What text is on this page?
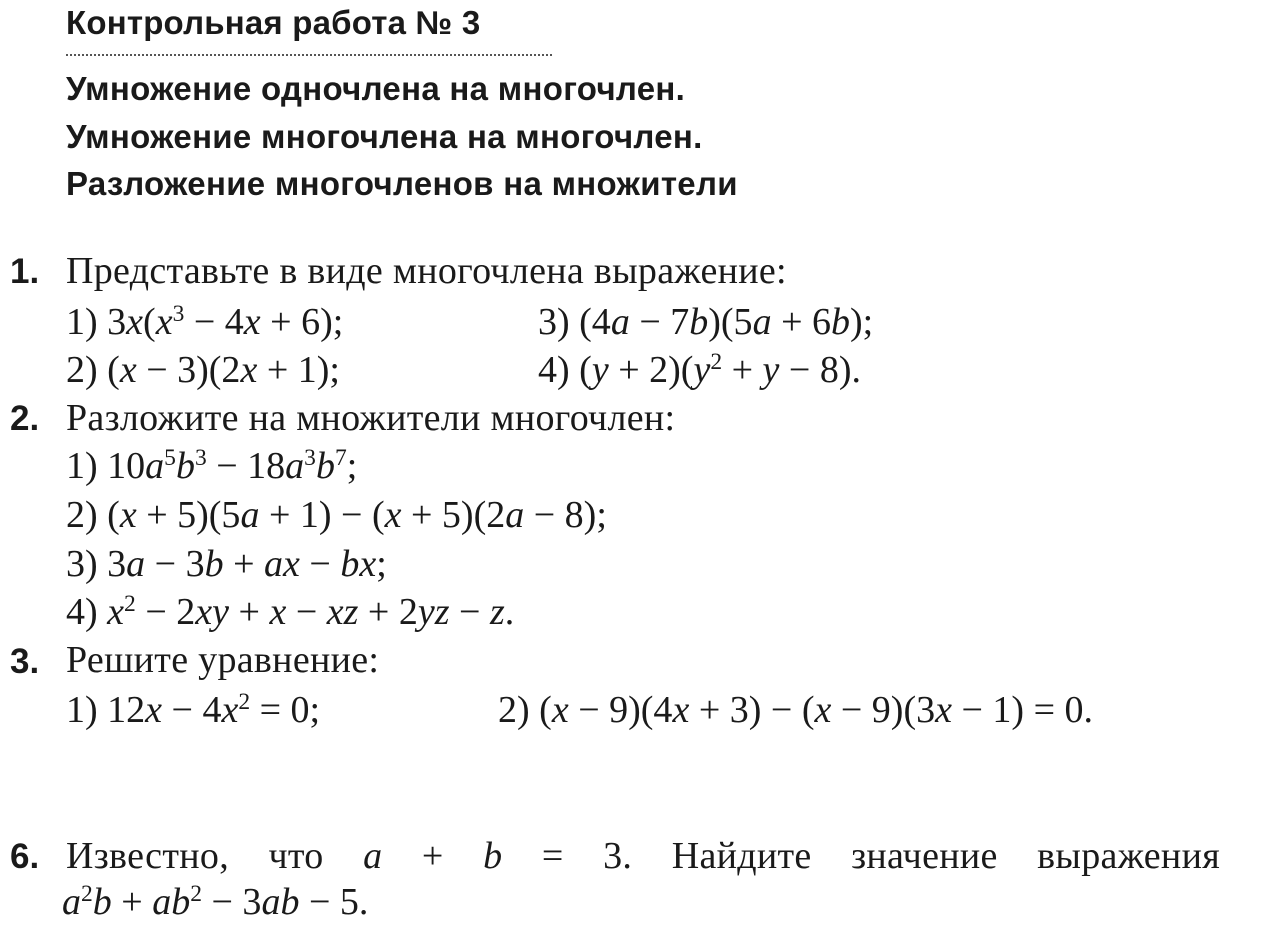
Контрольная работа № 3
Умножение одночлена на многочлен.
Умножение многочлена на многочлен.
Разложение многочленов на множители
1. Представьте в виде многочлена выражение:
1) $3x(x^3 - 4x + 6)$;	3) (4a − 7b)(5a + 6b);
2) (x − 3)(2x + 1);	4) $(y + 2)(y^2 + y - 8)$.
2. Разложите на множители многочлен:
1) $10a^5b^3 - 18a^3b^7$;
2) (x + 5)(5a + 1) − (x + 5)(2a − 8);
3) 3a − 3b + ax − bx;
4) $x^2 - 2xy + x$ − xz + 2yz − z.
3. Решите уравнение:
1) $12x - 4x^2 = 0$;	2) (x − 9)(4x + 3) − (x − 9)(3x − 1) = 0.
6. Известно, что a + b = 3. Найдите значение выражения
$a^2b + ab^2 - 3ab - 5$.
